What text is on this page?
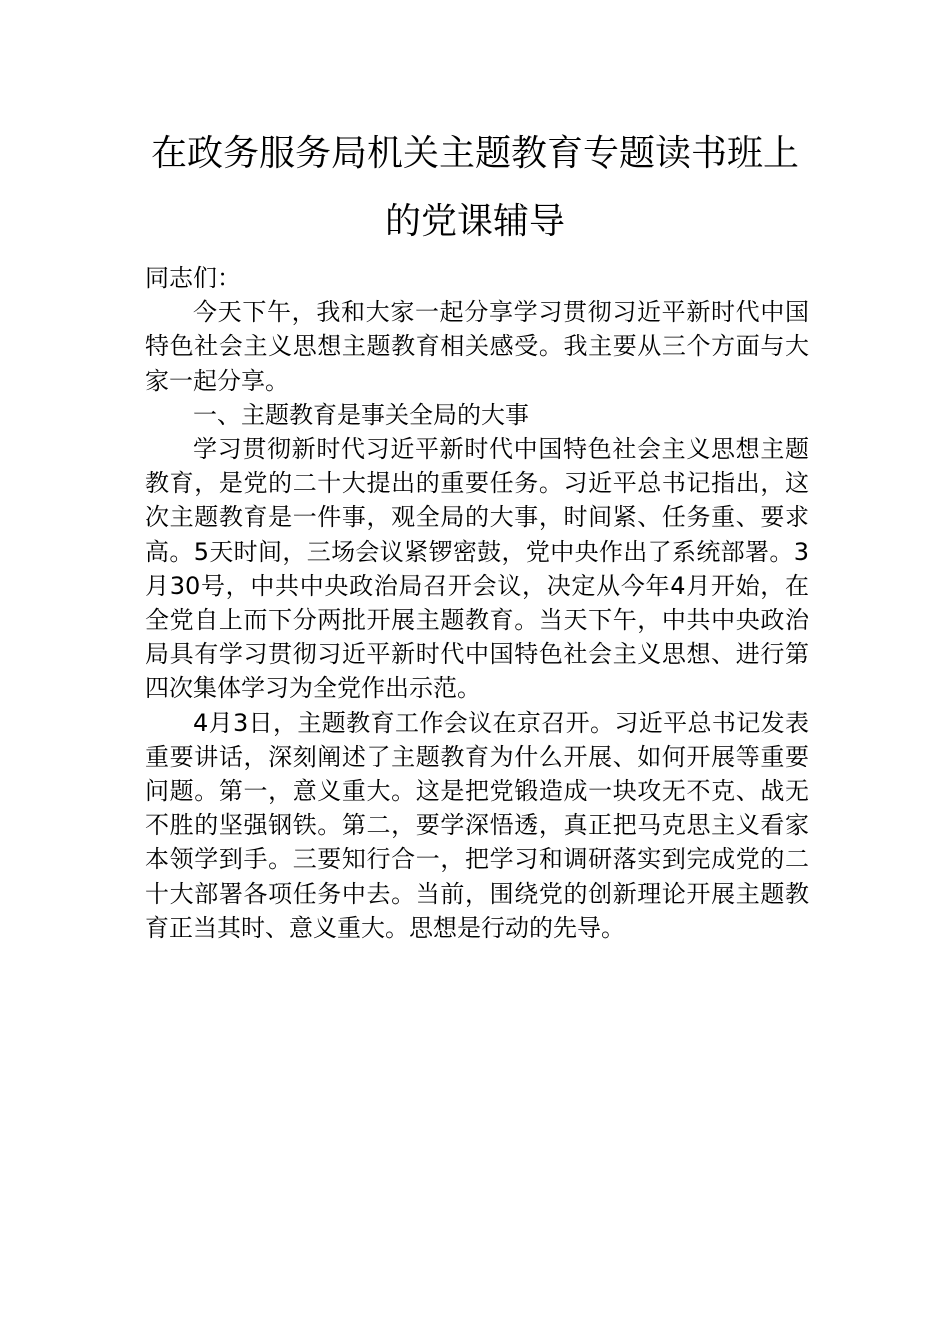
在政务服务局机关主题教育专题读书班上
的党课辅导

同志们：

今天下午，我和大家一起分享学习贯彻习近平新时代中国特色社会主义思想主题教育相关感受。我主要从三个方面与大家一起分享。

一、主题教育是事关全局的大事

学习贯彻新时代习近平新时代中国特色社会主义思想主题教育，是党的二十大提出的重要任务。习近平总书记指出，这次主题教育是一件事，观全局的大事，时间紧、任务重、要求高。5天时间，三场会议紧锣密鼓，党中央作出了系统部署。3月30号，中共中央政治局召开会议，决定从今年4月开始，在全党自上而下分两批开展主题教育。当天下午，中共中央政治局具有学习贯彻习近平新时代中国特色社会主义思想、进行第四次集体学习为全党作出示范。

4月3日，主题教育工作会议在京召开。习近平总书记发表重要讲话，深刻阐述了主题教育为什么开展、如何开展等重要问题。第一，意义重大。这是把党锻造成一块攻无不克、战无不胜的坚强钢铁。第二，要学深悟透，真正把马克思主义看家本领学到手。三要知行合一，把学习和调研落实到完成党的二十大部署各项任务中去。当前，围绕党的创新理论开展主题教育正当其时、意义重大。思想是行动的先导。
